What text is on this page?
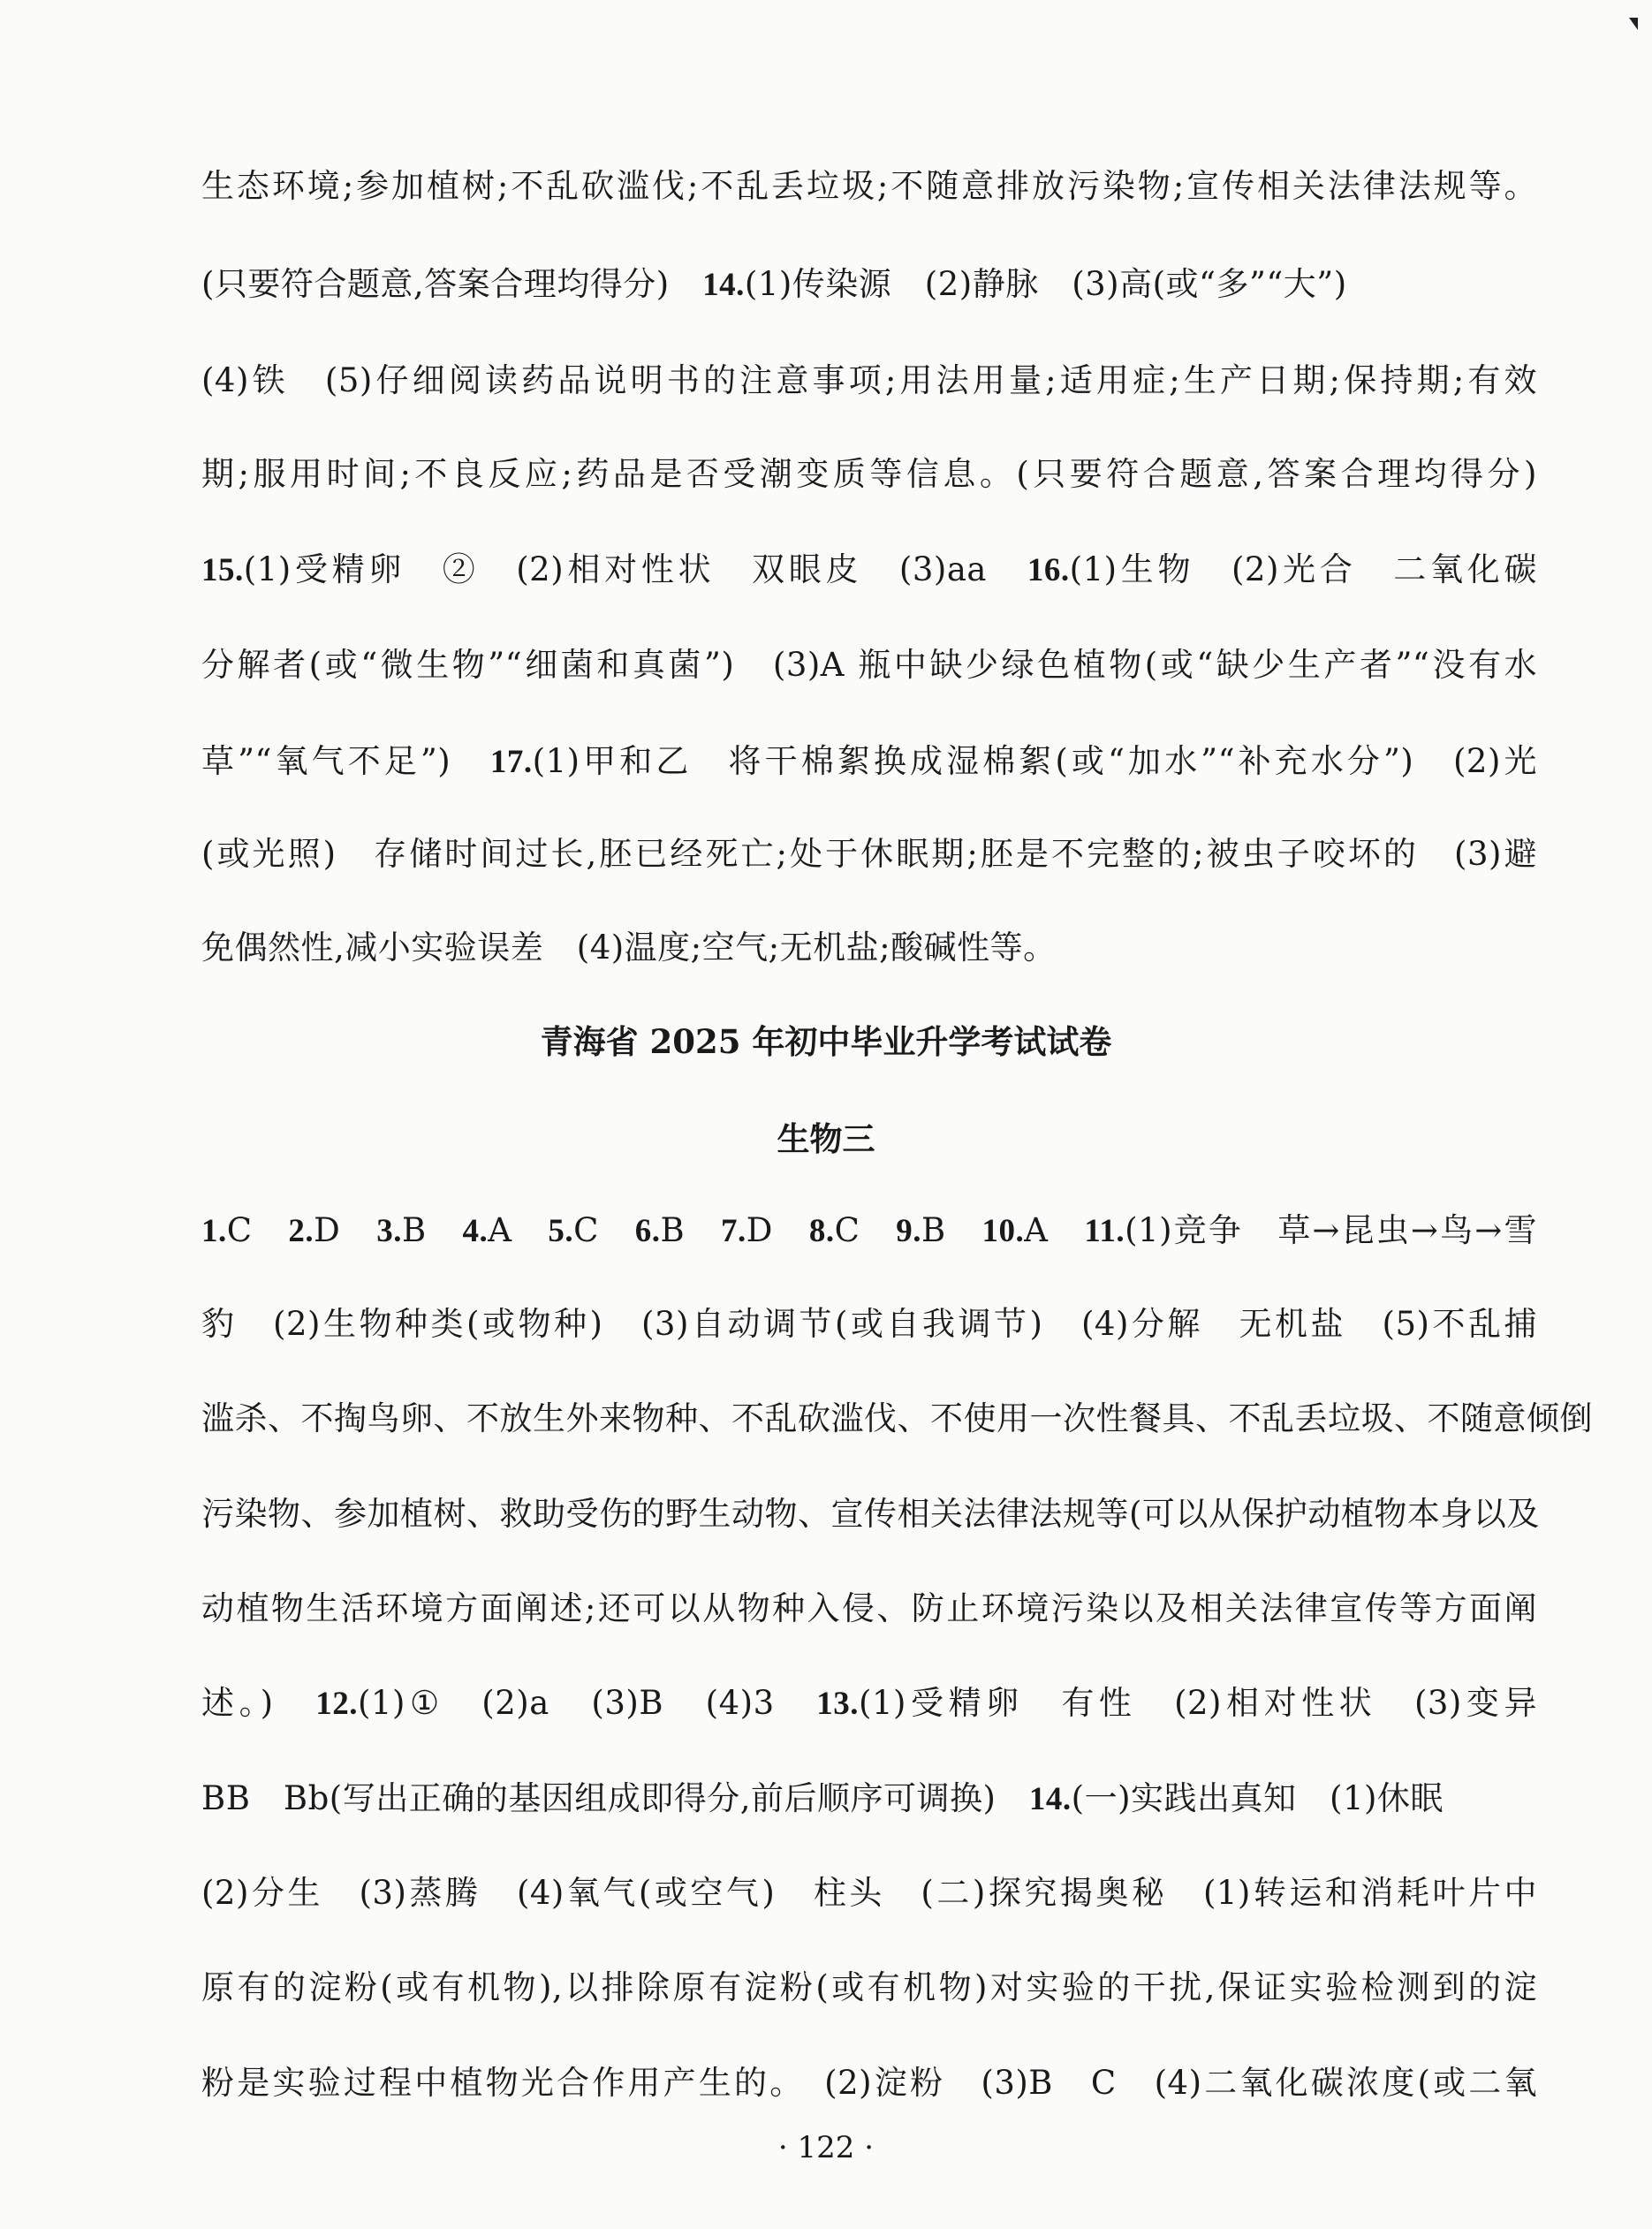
生态环境;参加植树;不乱砍滥伐;不乱丢垃圾;不随意排放污染物;宣传相关法律法规等。
(只要符合题意,答案合理均得分)　14.(1)传染源　(2)静脉　(3)高(或“多”“大”)
(4)铁　(5)仔细阅读药品说明书的注意事项;用法用量;适用症;生产日期;保持期;有效
期;服用时间;不良反应;药品是否受潮变质等信息。(只要符合题意,答案合理均得分)
15.(1)受精卵　②　(2)相对性状　双眼皮　(3)aa　16.(1)生物　(2)光合　二氧化碳
分解者(或“微生物”“细菌和真菌”)　(3)A 瓶中缺少绿色植物(或“缺少生产者”“没有水
草”“氧气不足”)　17.(1)甲和乙　将干棉絮换成湿棉絮(或“加水”“补充水分”)　(2)光
(或光照)　存储时间过长,胚已经死亡;处于休眠期;胚是不完整的;被虫子咬坏的　(3)避
免偶然性,减小实验误差　(4)温度;空气;无机盐;酸碱性等。
青海省 2025 年初中毕业升学考试试卷
生物三
1.C　2.D　3.B　4.A　5.C　6.B　7.D　8.C　9.B　10.A　11.(1)竞争　草→昆虫→鸟→雪
豹　(2)生物种类(或物种)　(3)自动调节(或自我调节)　(4)分解　无机盐　(5)不乱捕
滥杀、不掏鸟卵、不放生外来物种、不乱砍滥伐、不使用一次性餐具、不乱丢垃圾、不随意倾倒
污染物、参加植树、救助受伤的野生动物、宣传相关法律法规等(可以从保护动植物本身以及
动植物生活环境方面阐述;还可以从物种入侵、防止环境污染以及相关法律宣传等方面阐
述。)　12.(1)①　(2)a　(3)B　(4)3　13.(1)受精卵　有性　(2)相对性状　(3)变异
BB　Bb(写出正确的基因组成即得分,前后顺序可调换)　14.(一)实践出真知　(1)休眠
(2)分生　(3)蒸腾　(4)氧气(或空气)　柱头　(二)探究揭奥秘　(1)转运和消耗叶片中
原有的淀粉(或有机物),以排除原有淀粉(或有机物)对实验的干扰,保证实验检测到的淀
粉是实验过程中植物光合作用产生的。　(2)淀粉　(3)B　C　(4)二氧化碳浓度(或二氧
· 122 ·
